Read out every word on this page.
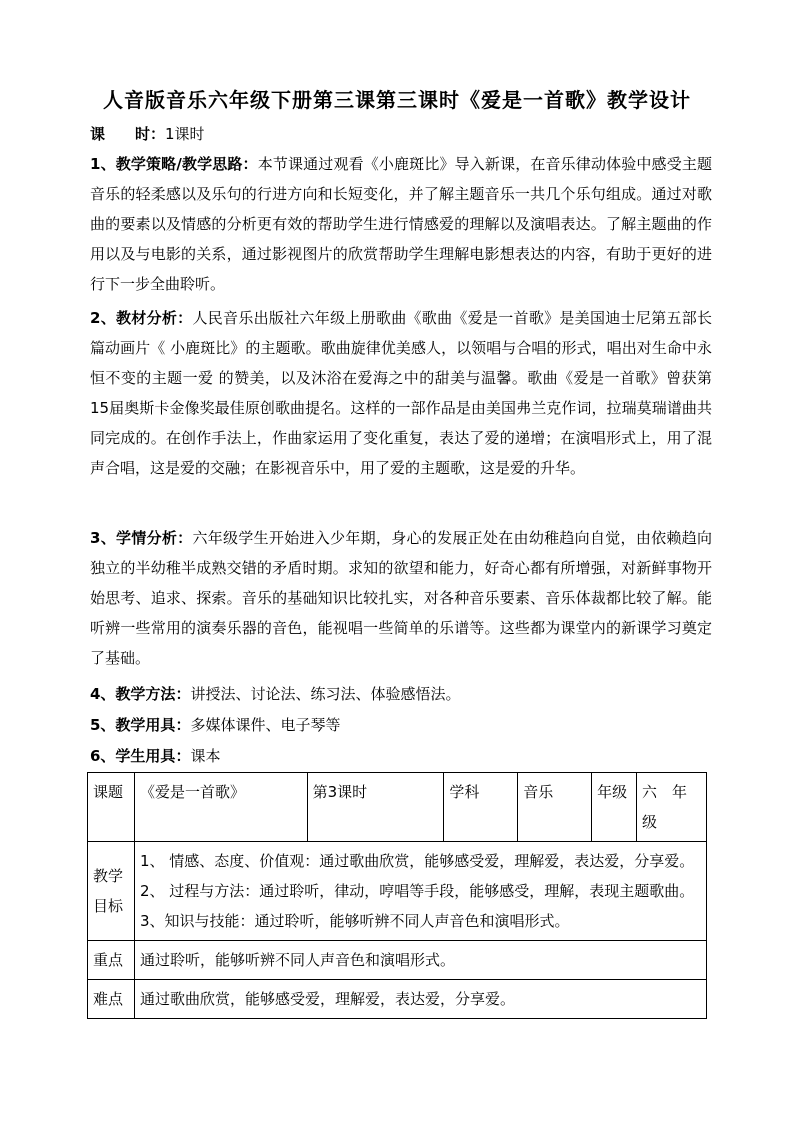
人音版音乐六年级下册第三课第三课时《爱是一首歌》教学设计
课　　时：1课时
1、教学策略/教学思路：本节课通过观看《小鹿斑比》导入新课，在音乐律动体验中感受主题音乐的轻柔感以及乐句的行进方向和长短变化，并了解主题音乐一共几个乐句组成。通过对歌曲的要素以及情感的分析更有效的帮助学生进行情感爱的理解以及演唱表达。了解主题曲的作用以及与电影的关系，通过影视图片的欣赏帮助学生理解电影想表达的内容，有助于更好的进行下一步全曲聆听。
2、教材分析：人民音乐出版社六年级上册歌曲《歌曲《爱是一首歌》是美国迪士尼第五部长篇动画片《 小鹿斑比》的主题歌。歌曲旋律优美感人，以领唱与合唱的形式，唱出对生命中永恒不变的主题一爱 的赞美，以及沐浴在爱海之中的甜美与温馨。歌曲《爱是一首歌》曾获第15届奥斯卡金像奖最佳原创歌曲提名。这样的一部作品是由美国弗兰克作词，拉瑞莫瑞谱曲共同完成的。在创作手法上，作曲家运用了变化重复，表达了爱的递增；在演唱形式上，用了混声合唱，这是爱的交融；在影视音乐中，用了爱的主题歌，这是爱的升华。
3、学情分析：六年级学生开始进入少年期，身心的发展正处在由幼稚趋向自觉，由依赖趋向独立的半幼稚半成熟交错的矛盾时期。求知的欲望和能力，好奇心都有所增强，对新鲜事物开始思考、追求、探索。音乐的基础知识比较扎实，对各种音乐要素、音乐体裁都比较了解。能听辨一些常用的演奏乐器的音色，能视唱一些简单的乐谱等。这些都为课堂内的新课学习奠定了基础。
4、教学方法：讲授法、讨论法、练习法、体验感悟法。
5、教学用具：多媒体课件、电子琴等
6、学生用具：课本
课题	《爱是一首歌》	第3课时	学科	音乐	年级	六　年级
教学目标	1、 情感、态度、价值观：通过歌曲欣赏，能够感受爱，理解爱，表达爱，分享爱。
2、 过程与方法：通过聆听，律动，哼唱等手段，能够感受，理解，表现主题歌曲。
3、知识与技能：通过聆听，能够听辨不同人声音色和演唱形式。					

重点	通过聆听，能够听辨不同人声音色和演唱形式。					
难点	通过歌曲欣赏，能够感受爱，理解爱，表达爱，分享爱。					
